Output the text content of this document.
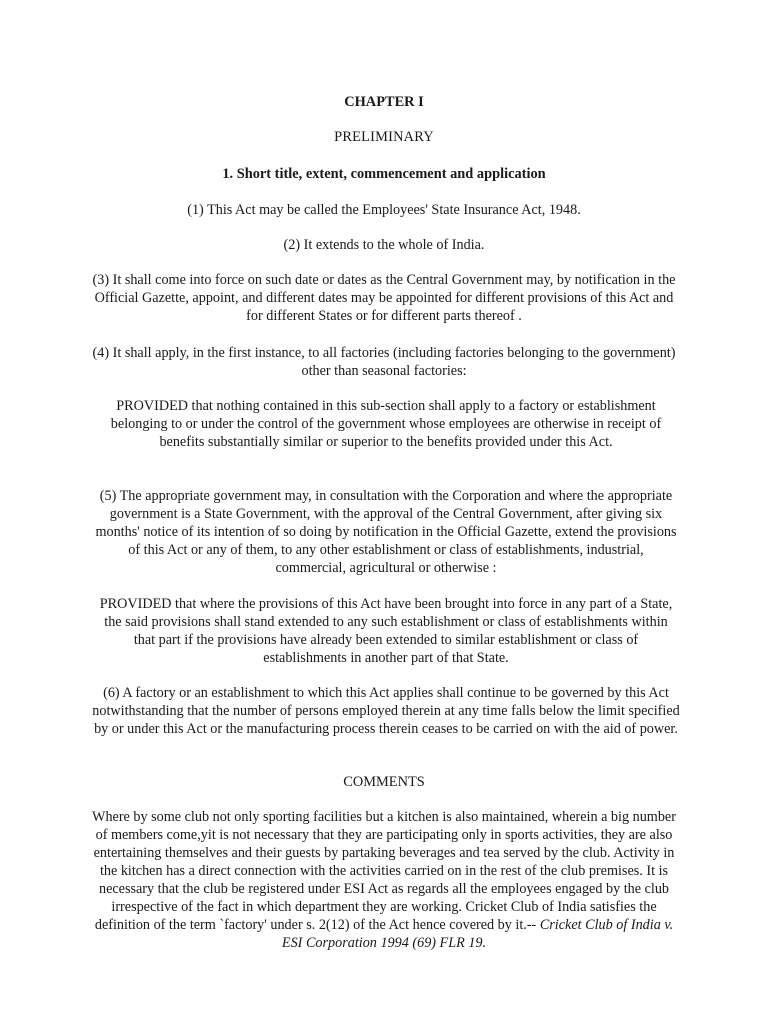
CHAPTER I
PRELIMINARY
1. Short title, extent, commencement and application

(1) This Act may be called the Employees' State Insurance Act, 1948.

(2) It extends to the whole of India.

(3) It shall come into force on such date or dates as the Central Government may, by notification in the Official Gazette, appoint, and different dates may be appointed for different provisions of this Act and for different States or for different parts thereof .

(4) It shall apply, in the first instance, to all factories (including factories belonging to the government) other than seasonal factories:

PROVIDED that nothing contained in this sub-section shall apply to a factory or establishment belonging to or under the control of the government whose employees are otherwise in receipt of benefits substantially similar or superior to the benefits provided under this Act.

(5) The appropriate government may, in consultation with the Corporation and where the appropriate government is a State Government, with the approval of the Central Government, after giving six months' notice of its intention of so doing by notification in the Official Gazette, extend the provisions of this Act or any of them, to any other establishment or class of establishments, industrial, commercial, agricultural or otherwise :

PROVIDED that where the provisions of this Act have been brought into force in any part of a State, the said provisions shall stand extended to any such establishment or class of establishments within that part if the provisions have already been extended to similar establishment or class of establishments in another part of that State.

(6) A factory or an establishment to which this Act applies shall continue to be governed by this Act notwithstanding that the number of persons employed therein at any time falls below the limit specified by or under this Act or the manufacturing process therein ceases to be carried on with the aid of power.

COMMENTS

Where by some club not only sporting facilities but a kitchen is also maintained, wherein a big number of members come,yit is not necessary that they are participating only in sports activities, they are also entertaining themselves and their guests by partaking beverages and tea served by the club. Activity in the kitchen has a direct connection with the activities carried on in the rest of the club premises. It is necessary that the club be registered under ESI Act as regards all the employees engaged by the club irrespective of the fact in which department they are working. Cricket Club of India satisfies the definition of the term `factory' under s. 2(12) of the Act hence covered by it.-- Cricket Club of India v. ESI Corporation 1994 (69) FLR 19.
